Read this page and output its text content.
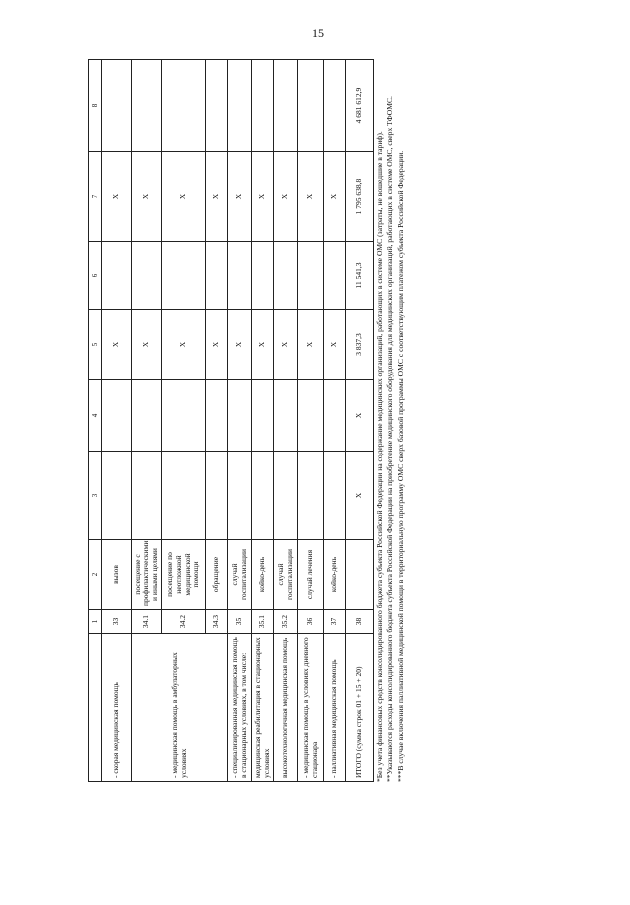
15
	1	2	3	4	5	6	7	8
- скорая медицинская помощь	33	вызов			X		X	
- медицинская помощь в амбулаторных условиях	34.1	посещение с профилактическими и иными целями			X		X	
	34.2	посещение по неотложной медицинской помощи			X		X	
	34.3	обращение			X		X	
- специализированная медицинская помощь в стационарных условиях, в том числе:	35	случай госпитализации			X		X	
медицинская реабилитация в стационарных условиях	35.1	койко-день			X		X	
высокотехнологичная медицинская помощь	35.2	случай госпитализации			X		X	
- медицинская помощь в условиях дневного стационара	36	случай лечения			X		X	
- паллиативная медицинская помощь	37	койко-день			X		X	
ИТОГО (сумма строк 01 + 15 + 20)	38		X	X	3 837,3	11 541,3	1 795 638,8	4 681 612,9

*Без учета финансовых средств консолидированного бюджета субъекта Российской Федерации на содержание медицинских организаций, работающих в системе ОМС (затраты, не вошедшие в тариф). **Указываются расходы консолидированного бюджета субъекта Российской Федерации на приобретение медицинского оборудования для медицинских организаций, работающих в системе ОМС, сверх ТФОМС. ***В случае включения паллиативной медицинской помощи в территориальную программу ОМС сверх базовой программы ОМС с соответствующим платежом субъекта Российской Федерации.
